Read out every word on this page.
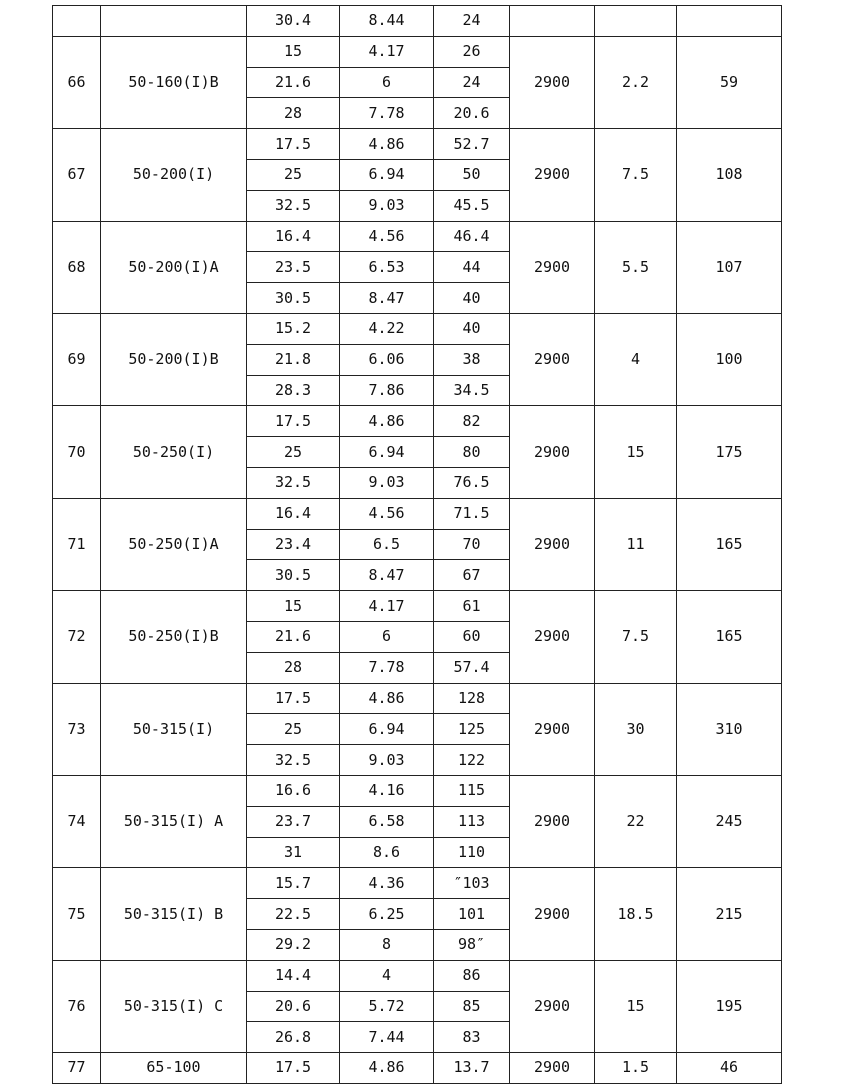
		30.4	8.44	24			
66	50-160(I)B	15	4.17	26	2900	2.2	59
		21.6	6	24			
		28	7.78	20.6			
67	50-200(I)	17.5	4.86	52.7	2900	7.5	108
		25	6.94	50			
		32.5	9.03	45.5			
68	50-200(I)A	16.4	4.56	46.4	2900	5.5	107
		23.5	6.53	44			
		30.5	8.47	40			
69	50-200(I)B	15.2	4.22	40	2900	4	100
		21.8	6.06	38			
		28.3	7.86	34.5			
70	50-250(I)	17.5	4.86	82	2900	15	175
		25	6.94	80			
		32.5	9.03	76.5			
71	50-250(I)A	16.4	4.56	71.5	2900	11	165
		23.4	6.5	70			
		30.5	8.47	67			
72	50-250(I)B	15	4.17	61	2900	7.5	165
		21.6	6	60			
		28	7.78	57.4			
73	50-315(I)	17.5	4.86	128	2900	30	310
		25	6.94	125			
		32.5	9.03	122			
74	50-315(I) A	16.6	4.16	115	2900	22	245
		23.7	6.58	113			
		31	8.6	110			
75	50-315(I) B	15.7	4.36	″103	2900	18.5	215
		22.5	6.25	101			
		29.2	8	98″			
76	50-315(I) C	14.4	4	86	2900	15	195
		20.6	5.72	85			
		26.8	7.44	83			
77	65-100	17.5	4.86	13.7	2900	1.5	46
